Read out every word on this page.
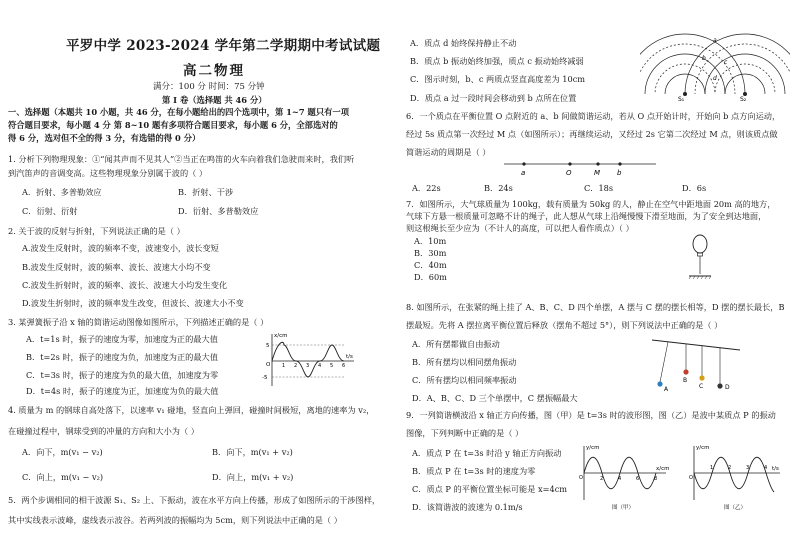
平罗中学 2023-2024 学年第二学期期中考试试题
高二物理
满分：100 分 时间：75 分钟
第 I 卷（选择题 共 46 分）
一、选择题（本题共 10 小题，共 46 分，在每小题给出的四个选项中，第 1~7 题只有一项
符合题目要求，每小题 4 分 第 8~10 题有多项符合题目要求，每小题 6 分，全部选对的
得 6 分，选对但不全的得 3 分，有选错的得 0 分）
1. 分析下列物理现象：①“闻其声而不见其人”②当正在鸣笛的火车向着我们急驶而来时，我们听
到汽笛声的音调变高。这些物理现象分别属于波的（ ）
A．折射、多普勒效应	B．折射、干涉
C．衍射、衍射	D．衍射、多普勒效应
2. 关于波的反射与折射，下列说法正确的是（ ）
A.波发生反射时，波的频率不变，波速变小，波长变短
B.波发生反射时，波的频率、波长、波速大小均不变
C.波发生折射时，波的频率、波长、波速大小均发生变化
D.波发生折射时，波的频率发生改变，但波长、波速大小不变
3. 某弹簧振子沿 x 轴的简谐运动图像如图所示，下列描述正确的是（ ）
A．t=1s 时，振子的速度为零，加速度为正的最大值
B．t=2s 时，振子的速度为负，加速度为正的最大值
C．t=3s 时，振子的速度为负的最大值，加速度为零
D．t=4s 时，振子的速度为正，加速度为负的最大值
x/cm
5
-5
O
t/s
1 2 3 4 5 6
4. 质量为 m 的钢球自高处落下，以速率 v₁ 碰地，竖直向上弹回，碰撞时间极短，离地的速率为 v₂，
在碰撞过程中，钢球受到的冲量的方向和大小为（ ）
A．向下，m(v₁ − v₂)	B．向下，m(v₁ + v₂)
C．向上，m(v₁ − v₂)	D．向上，m(v₁ + v₂)
5．两个步调相同的相干波源 S₁、S₂ 上、下振动，波在水平方向上传播，形成了如图所示的干涉图样，
其中实线表示波峰，虚线表示波谷。若两列波的振幅均为 5cm，则下列说法中正确的是（ ）
A．质点 d 始终保持静止不动
B．质点 b 振动始终加强，质点 c 振动始终减弱
C．图示时刻，b、c 两质点竖直高度差为 10cm
D．质点 a 过一段时间会移动到 b 点所在位置	S₁	S₂
a
b
c
d
6．一个质点在平衡位置 O 点附近的 a、b 间做简谐运动，若从 O 点开始计时，开始向 b 点方向运动，
经过 5s 质点第一次经过 M 点（如图所示）；再继续运动，又经过 2s 它第二次经过 M 点，则该质点做
简谐运动的周期是（ ）
a	O	M b
A．22s	B．24s	C．18s	D．6s
7．如图所示，大气球质量为 100kg，载有质量为 50kg 的人，静止在空气中距地面 20m 高的地方，
气球下方悬一根质量可忽略不计的绳子，此人想从气球上沿绳慢慢下滑至地面，为了安全到达地面，
则这根绳长至少应为（不计人的高度，可以把人看作质点）（ ）
A．10m
B．30m
C．40m
D．60m
8. 如图所示，在张紧的绳上挂了 A、B、C、D 四个单摆，A 摆与 C 摆的摆长相等，D 摆的摆长最长，B
摆最短。先将 A 摆拉离平衡位置后释放（摆角不超过 5°），则下列说法中正确的是（ ）
A．所有摆都做自由振动
B．所有摆均以相同摆角振动
C．所有摆均以相同频率振动
D．A、B、C、D 三个单摆中，C 摆振幅最大
A
B
C	D
9．一列简谐横波沿 x 轴正方向传播，图（甲）是 t=3s 时的波形图，图（乙）是波中某质点 P 的振动
图像，下列判断中正确的是（ ）
A．质点 P 在 t=3s 时沿 y 轴正方向振动
B．质点 P 在 t=3s 时的速度为零
C．质点 P 的平衡位置坐标可能是 x=4cm
D．该简谐波的波速为 0.1m/s
y/cm
x/cm
O	2	4	6	8
图（甲）
y/cm
t/s
O
1	2	3	4
图（乙）
